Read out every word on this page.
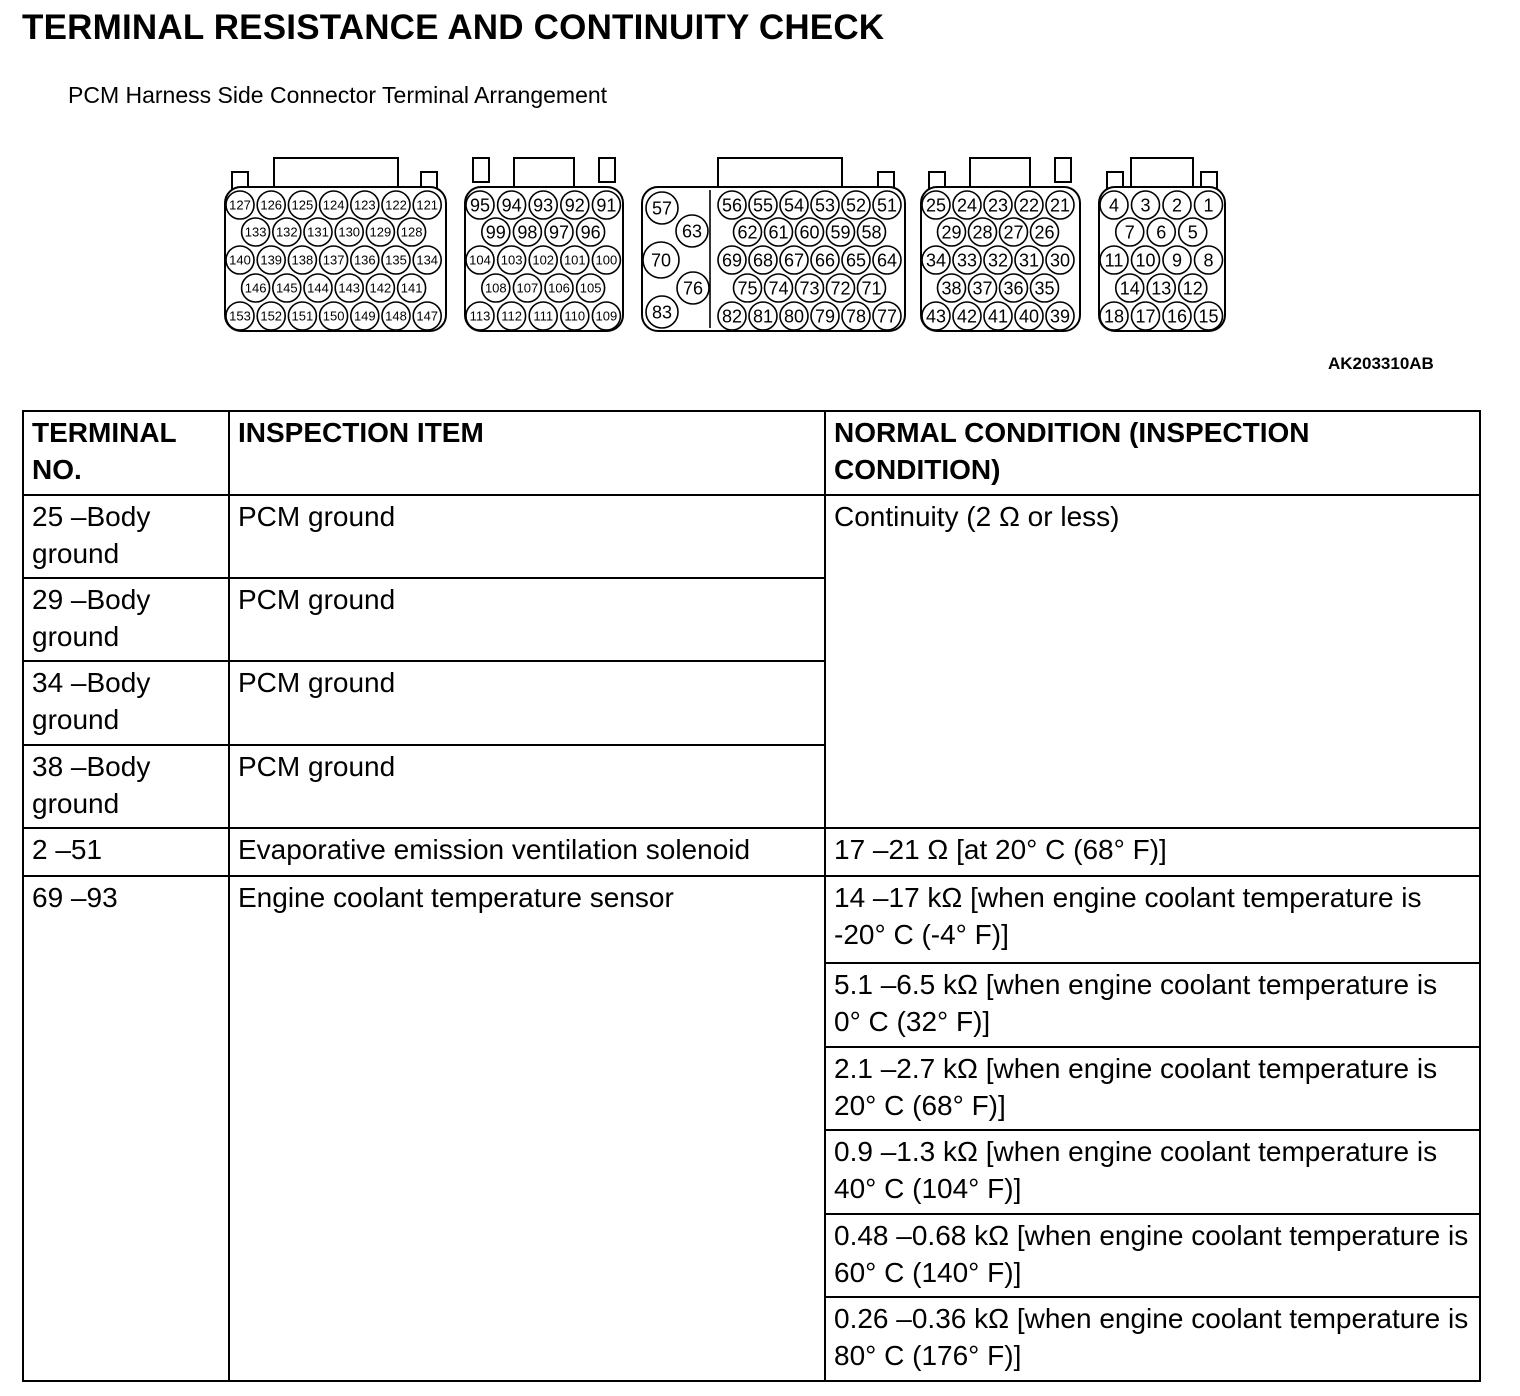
TERMINAL RESISTANCE AND CONTINUITY CHECK
PCM Harness Side Connector Terminal Arrangement
127 126 125 124 123 122 121
133 132 131 130 129 128
140 139 138 137 136 135 134
146 145 144 143 142 141
153 152 151 150 149 148 147
95 94 93 92 91
99 98 97 96
104 103 102 101 100
108 107 106 105
113 112 111 110 109
57
63
70
76
83
56 55 54 53 52 51
62 61 60 59 58
69 68 67 66 65 64
75 74 73 72 71
82 81 80 79 78 77
25 24 23 22 21
29 28 27 26
34 33 32 31 30
38 37 36 35
43 42 41 40 39
4 3 2 1
7 6 5
11 10 9 8
14 13 12
18 17 16 15
AK203310AB
TERMINAL NO.	INSPECTION ITEM	NORMAL CONDITION (INSPECTION CONDITION)
25 –Body ground	PCM ground	Continuity (2 Ω or less)
29 –Body ground	PCM ground	
34 –Body ground	PCM ground	
38 –Body ground	PCM ground	
2 –51	Evaporative emission ventilation solenoid	17 –21 Ω [at 20° C (68° F)]
69 –93	Engine coolant temperature sensor	14 –17 kΩ [when engine coolant temperature is -20° C (-4° F)]
		5.1 –6.5 kΩ [when engine coolant temperature is 0° C (32° F)]
		2.1 –2.7 kΩ [when engine coolant temperature is 20° C (68° F)]
		0.9 –1.3 kΩ [when engine coolant temperature is 40° C (104° F)]
		0.48 –0.68 kΩ [when engine coolant temperature is 60° C (140° F)]
		0.26 –0.36 kΩ [when engine coolant temperature is 80° C (176° F)]
